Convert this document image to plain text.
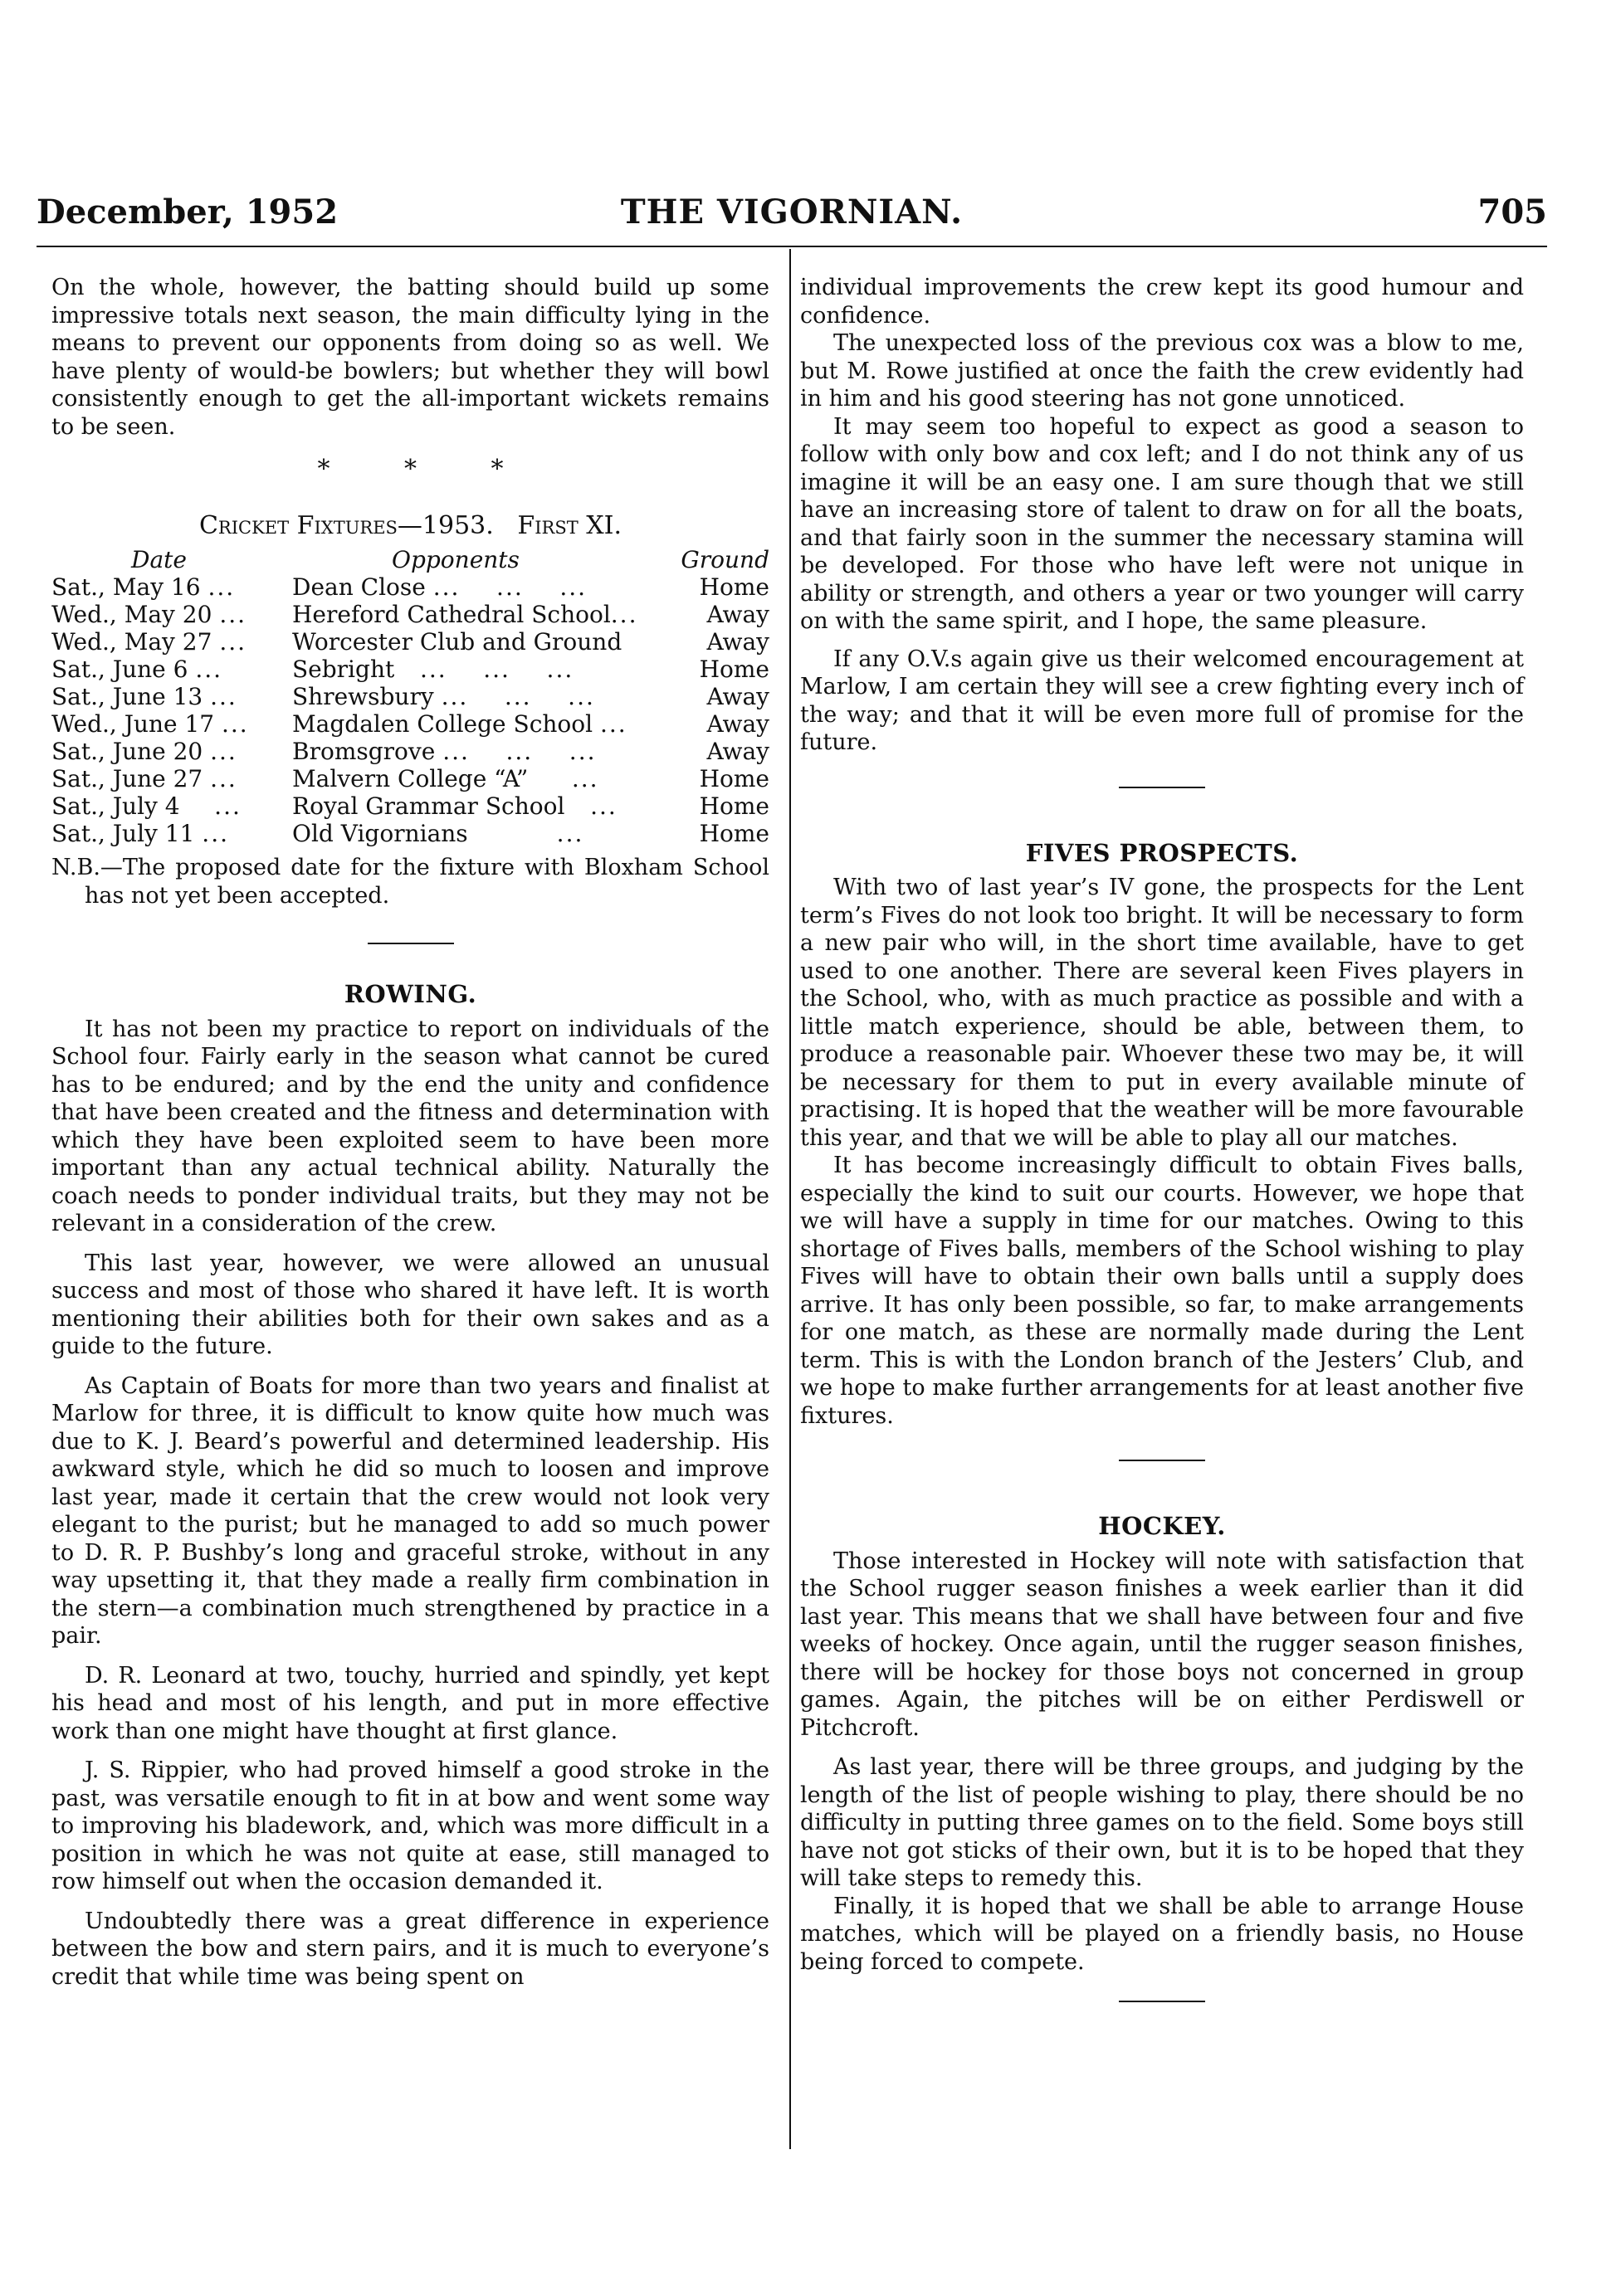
December, 1952	THE VIGORNIAN.	705

On the whole, however, the batting should build up some impressive totals next season, the main difficulty lying in the means to prevent our opponents from doing so as well. We have plenty of would-be bowlers; but whether they will bowl consistently enough to get the all-important wickets remains to be seen.

* * *
Cricket Fixtures—1953. First XI.
Date	Opponents	Ground
Sat., May 16 ...	Dean Close ...    ...    ...	Home
Wed., May 20 ...	Hereford Cathedral School...	Away
Wed., May 27 ...	Worcester Club and Ground	Away
Sat., June 6 ...	Sebright   ...    ...    ...	Home
Sat., June 13 ...	Shrewsbury ...    ...    ...	Away
Wed., June 17 ...	Magdalen College School ...	Away
Sat., June 20 ...	Bromsgrove ...    ...    ...	Away
Sat., June 27 ...	Malvern College “A”     ...	Home
Sat., July 4    ...	Royal Grammar School   ...	Home
Sat., July 11 ...	Old Vigornians          ...	Home

N.B.—The proposed date for the fixture with Bloxham School has not yet been accepted.

ROWING.

It has not been my practice to report on individuals of the School four. Fairly early in the season what cannot be cured has to be endured; and by the end the unity and confidence that have been created and the fitness and determination with which they have been exploited seem to have been more important than any actual technical ability. Naturally the coach needs to ponder individual traits, but they may not be relevant in a consideration of the crew.

This last year, however, we were allowed an unusual success and most of those who shared it have left. It is worth mentioning their abilities both for their own sakes and as a guide to the future.

As Captain of Boats for more than two years and finalist at Marlow for three, it is difficult to know quite how much was due to K. J. Beard’s powerful and determined leadership. His awkward style, which he did so much to loosen and improve last year, made it certain that the crew would not look very elegant to the purist; but he managed to add so much power to D. R. P. Bushby’s long and graceful stroke, without in any way upsetting it, that they made a really firm combination in the stern—a combination much strengthened by practice in a pair.

D. R. Leonard at two, touchy, hurried and spindly, yet kept his head and most of his length, and put in more effective work than one might have thought at first glance.

J. S. Rippier, who had proved himself a good stroke in the past, was versatile enough to fit in at bow and went some way to improving his bladework, and, which was more difficult in a position in which he was not quite at ease, still managed to row himself out when the occasion demanded it.

Undoubtedly there was a great difference in experience between the bow and stern pairs, and it is much to everyone’s credit that while time was being spent on

individual improvements the crew kept its good humour and confidence.

The unexpected loss of the previous cox was a blow to me, but M. Rowe justified at once the faith the crew evidently had in him and his good steering has not gone unnoticed.

It may seem too hopeful to expect as good a season to follow with only bow and cox left; and I do not think any of us imagine it will be an easy one. I am sure though that we still have an increasing store of talent to draw on for all the boats, and that fairly soon in the summer the necessary stamina will be developed. For those who have left were not unique in ability or strength, and others a year or two younger will carry on with the same spirit, and I hope, the same pleasure.

If any O.V.s again give us their welcomed encouragement at Marlow, I am certain they will see a crew fighting every inch of the way; and that it will be even more full of promise for the future.

FIVES PROSPECTS.

With two of last year’s IV gone, the prospects for the Lent term’s Fives do not look too bright. It will be necessary to form a new pair who will, in the short time available, have to get used to one another. There are several keen Fives players in the School, who, with as much practice as possible and with a little match experience, should be able, between them, to produce a reasonable pair. Whoever these two may be, it will be necessary for them to put in every available minute of practising. It is hoped that the weather will be more favourable this year, and that we will be able to play all our matches.

It has become increasingly difficult to obtain Fives balls, especially the kind to suit our courts. However, we hope that we will have a supply in time for our matches. Owing to this shortage of Fives balls, members of the School wishing to play Fives will have to obtain their own balls until a supply does arrive. It has only been possible, so far, to make arrangements for one match, as these are normally made during the Lent term. This is with the London branch of the Jesters’ Club, and we hope to make further arrangements for at least another five fixtures.

HOCKEY.

Those interested in Hockey will note with satisfaction that the School rugger season finishes a week earlier than it did last year. This means that we shall have between four and five weeks of hockey. Once again, until the rugger season finishes, there will be hockey for those boys not concerned in group games. Again, the pitches will be on either Perdiswell or Pitchcroft.

As last year, there will be three groups, and judging by the length of the list of people wishing to play, there should be no difficulty in putting three games on to the field. Some boys still have not got sticks of their own, but it is to be hoped that they will take steps to remedy this.

Finally, it is hoped that we shall be able to arrange House matches, which will be played on a friendly basis, no House being forced to compete.
